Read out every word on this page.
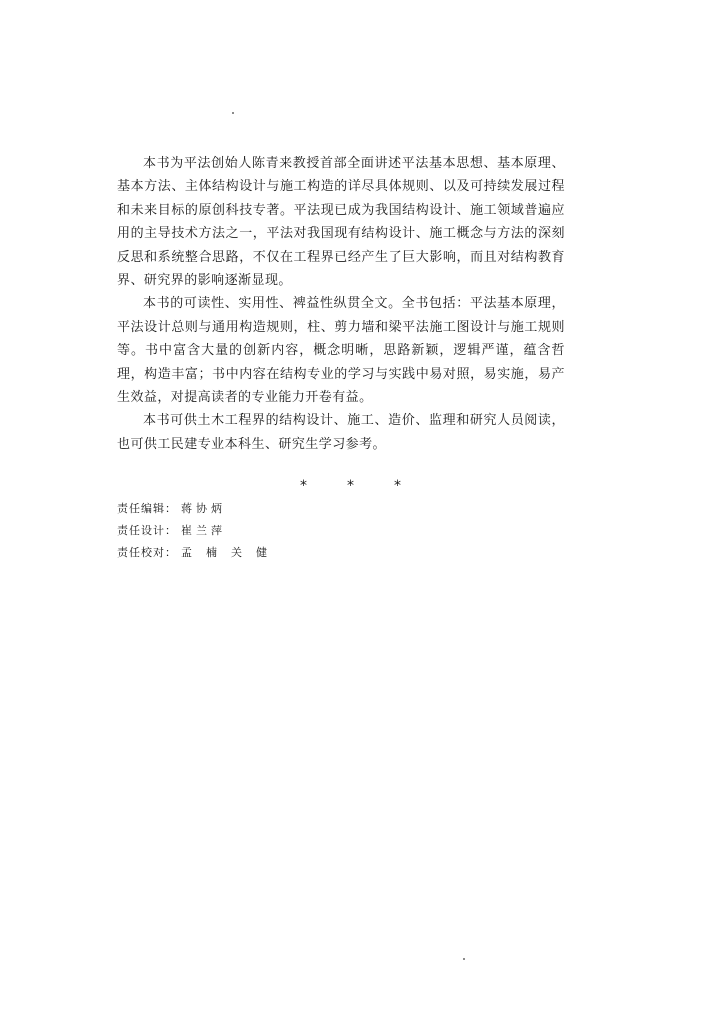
本书为平法创始人陈青来教授首部全面讲述平法基本思想、基本原理、基本方法、主体结构设计与施工构造的详尽具体规则、以及可持续发展过程和未来目标的原创科技专著。平法现已成为我国结构设计、施工领域普遍应用的主导技术方法之一，平法对我国现有结构设计、施工概念与方法的深刻反思和系统整合思路，不仅在工程界已经产生了巨大影响，而且对结构教育界、研究界的影响逐渐显现。

本书的可读性、实用性、裨益性纵贯全文。全书包括：平法基本原理，平法设计总则与通用构造规则，柱、剪力墙和梁平法施工图设计与施工规则等。书中富含大量的创新内容，概念明晰，思路新颖，逻辑严谨，蕴含哲理，构造丰富；书中内容在结构专业的学习与实践中易对照，易实施，易产生效益，对提高读者的专业能力开卷有益。

本书可供土木工程界的结构设计、施工、造价、监理和研究人员阅读，也可供工民建专业本科生、研究生学习参考。

*	*	*
责任编辑： 蒋协炳
责任设计： 崔兰萍
责任校对： 孟楠关健
